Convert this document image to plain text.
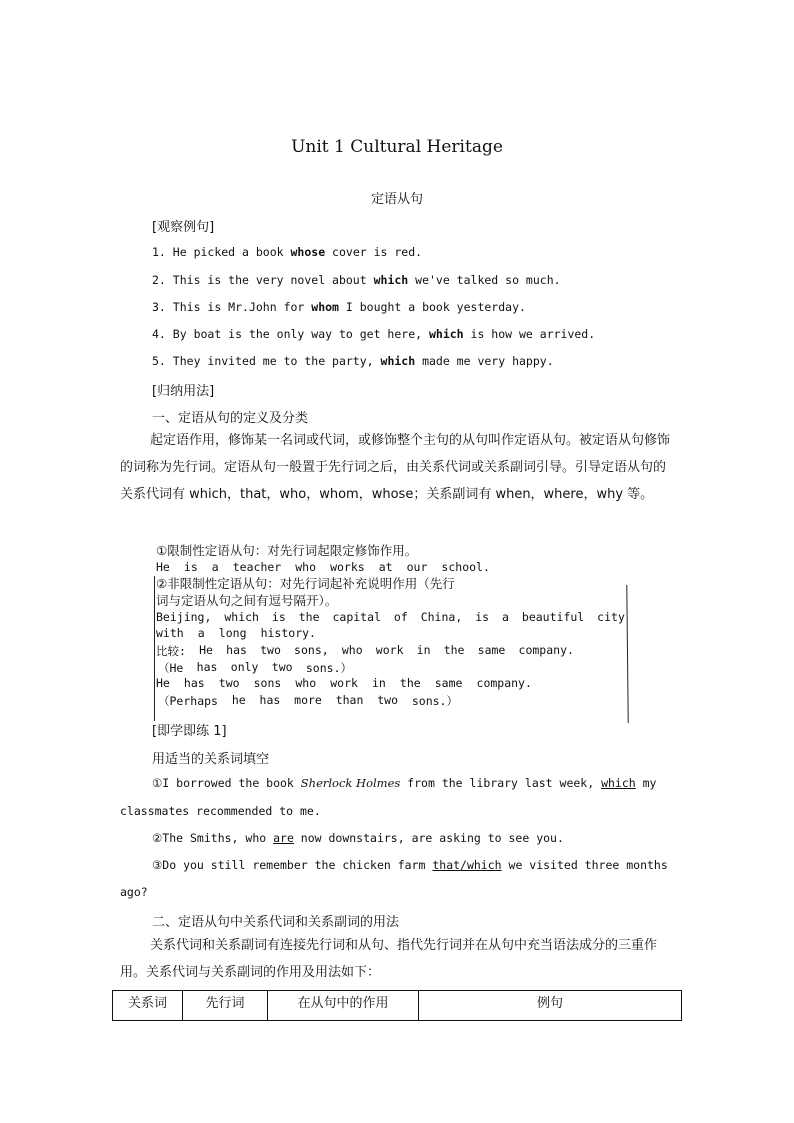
Unit 1 Cultural Heritage
定语从句
[观察例句]
1. He picked a book whose cover is red.
2. This is the very novel about which we've talked so much.
3. This is Mr.John for whom I bought a book yesterday.
4. By boat is the only way to get here, which is how we arrived.
5. They invited me to the party, which made me very happy.
[归纳用法]
一、定语从句的定义及分类
起定语作用，修饰某一名词或代词，或修饰整个主句的从句叫作定语从句。被定语从句修饰的词称为先行词。定语从句一般置于先行词之后，由关系代词或关系副词引导。引导定语从句的关系代词有 which，that，who，whom，whose；关系副词有 when，where，why 等。
①限制性定语从句：对先行词起限定修饰作用。
He is a teacher who works at our school.
②非限制性定语从句：对先行词起补充说明作用（先行
词与定语从句之间有逗号隔开）。
Beijing, which is the capital of China, is a beautiful city
with a long history.
比较: He has two sons, who work in the same company.
（He has only two sons.）
He has two sons who work in the same company.
（Perhaps he has more than two sons.）
[即学即练 1]
用适当的关系词填空
①I borrowed the book Sherlock Holmes from the library last week, which my
classmates recommended to me.
②The Smiths, who are now downstairs, are asking to see you.
③Do you still remember the chicken farm that/which we visited three months
ago?
二、定语从句中关系代词和关系副词的用法
关系代词和关系副词有连接先行词和从句、指代先行词并在从句中充当语法成分的三重作用。关系代词与关系副词的作用及用法如下：
关系词	先行词	在从句中的作用	例句
